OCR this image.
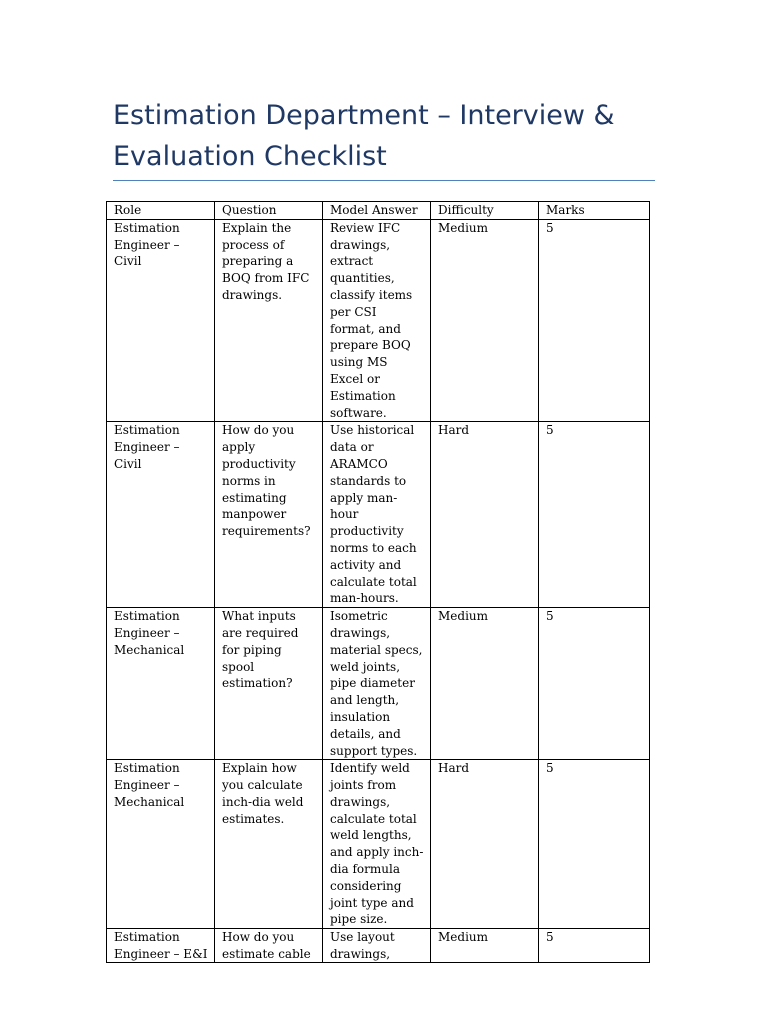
Estimation Department – Interview & Evaluation Checklist
Role	Question	Model Answer	Difficulty	Marks
Estimation Engineer – Civil	Explain the process of preparing a BOQ from IFC drawings.	Review IFC drawings, extract quantities, classify items per CSI format, and prepare BOQ using MS Excel or Estimation software.	Medium	5
Estimation Engineer – Civil	How do you apply productivity norms in estimating manpower requirements?	Use historical data or ARAMCO standards to apply man-hour productivity norms to each activity and calculate total man-hours.	Hard	5
Estimation Engineer – Mechanical	What inputs are required for piping spool estimation?	Isometric drawings, material specs, weld joints, pipe diameter and length, insulation details, and support types.	Medium	5
Estimation Engineer – Mechanical	Explain how you calculate inch-dia weld estimates.	Identify weld joints from drawings, calculate total weld lengths, and apply inch-dia formula considering joint type and pipe size.	Hard	5

Estimation Engineer – E&I	How do you estimate cable	Use layout drawings,	Medium	5
